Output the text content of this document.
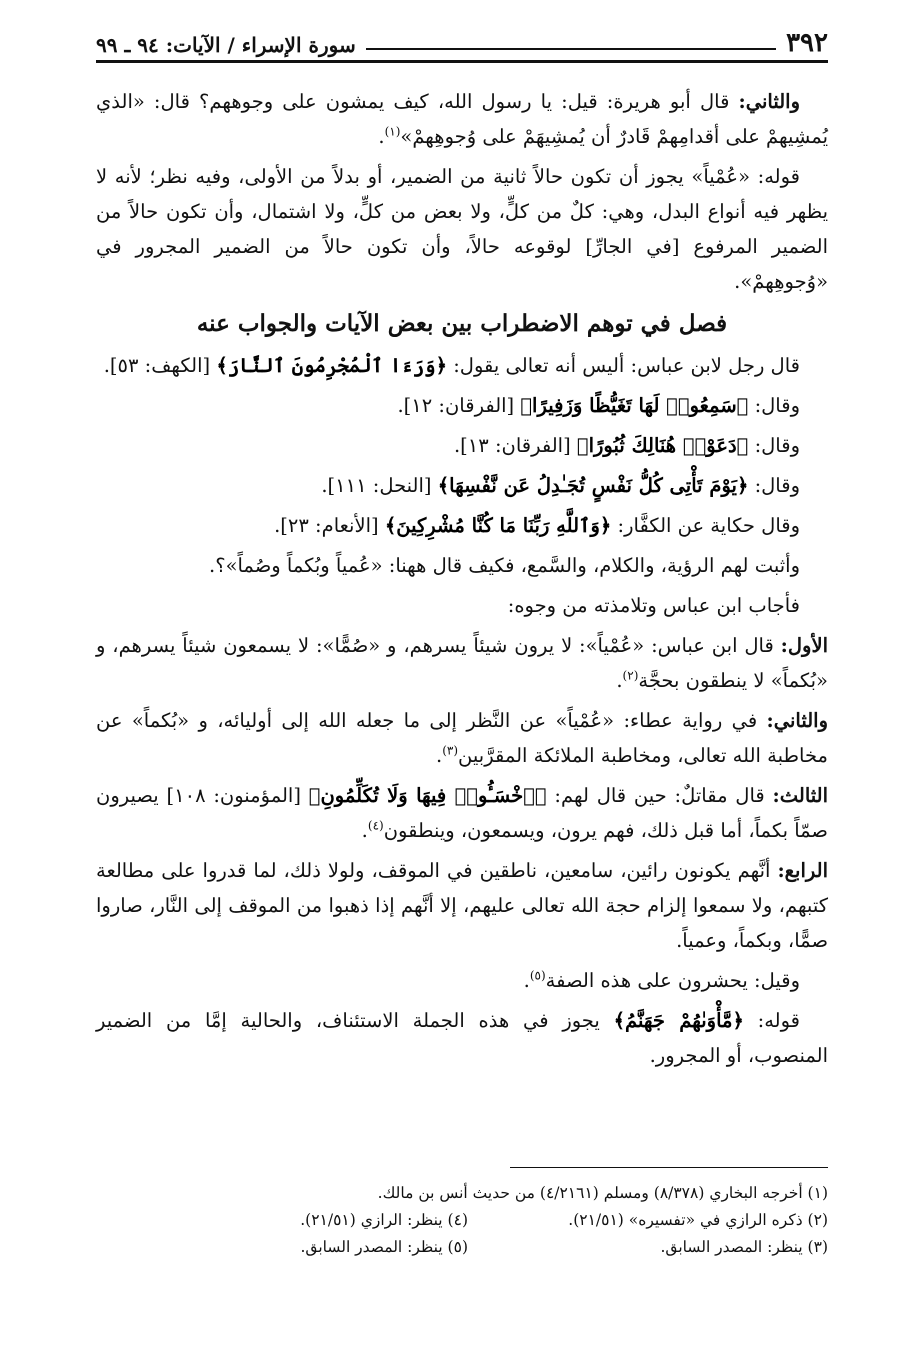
٣٩٢
سورة الإسراء / الآيات: ٩٤ ـ ٩٩

والثاني: قال أبو هريرة: قيل: يا رسول الله، كيف يمشون على وجوههم؟ قال: «الذي يُمشِيهمْ على أقدامِهمْ قَادرٌ أن يُمشِيهَمْ على وُجوهِهمْ»$^{(١)}$.

قوله: «عُمْياً» يجوز أن تكون حالاً ثانية من الضمير، أو بدلاً من الأولى، وفيه نظر؛ لأنه لا يظهر فيه أنواع البدل، وهي: كلٌ من كلٍّ، ولا بعض من كلٍّ، ولا اشتمال، وأن تكون حالاً من الضمير المرفوع [في الجارِّ] لوقوعه حالاً، وأن تكون حالاً من الضمير المجرور في «وُجوهِهمْ».

فصل في توهم الاضطراب بين بعض الآيات والجواب عنه

قال رجل لابن عباس: أليس أنه تعالى يقول: ﴿وَرَءَا ٱلْمُجْرِمُونَ ٱلنَّارَ﴾ [الكهف: ٥٣].

وقال: ﴿سَمِعُوا۟ لَهَا تَغَيُّظًا وَزَفِيرًا﴾ [الفرقان: ١٢].

وقال: ﴿دَعَوْا۟ هُنَالِكَ ثُبُورًا﴾ [الفرقان: ١٣].

وقال: ﴿يَوْمَ تَأْتِى كُلُّ نَفْسٍ تُجَـٰدِلُ عَن نَّفْسِهَا﴾ [النحل: ١١١].

وقال حكاية عن الكفَّار: ﴿وَٱللَّهِ رَبِّنَا مَا كُنَّا مُشْرِكِينَ﴾ [الأنعام: ٢٣].

وأثبت لهم الرؤية، والكلام، والسَّمع، فكيف قال ههنا: «عُمياً وبُكماً وصُماً»؟.

فأجاب ابن عباس وتلامذته من وجوه:

الأول: قال ابن عباس: «عُمْياً»: لا يرون شيئاً يسرهم، و «صُمًّا»: لا يسمعون شيئاً يسرهم، و «بُكماً» لا ينطقون بحجَّة$^{(٢)}$.

والثاني: في رواية عطاء: «عُمْياً» عن النَّظر إلى ما جعله الله إلى أوليائه، و «بُكماً» عن مخاطبة الله تعالى، ومخاطبة الملائكة المقرَّبين$^{(٣)}$.

الثالث: قال مقاتلٌ: حين قال لهم: ﴿ٱخْسَـُٔوا۟ فِيهَا وَلَا تُكَلِّمُونِ﴾ [المؤمنون: ١٠٨] يصيرون صمّاً بكماً، أما قبل ذلك، فهم يرون، ويسمعون، وينطقون$^{(٤)}$.

الرابع: أنَّهم يكونون رائين، سامعين، ناطقين في الموقف، ولولا ذلك، لما قدروا على مطالعة كتبهم، ولا سمعوا إلزام حجة الله تعالى عليهم، إلا أنَّهم إذا ذهبوا من الموقف إلى النَّار، صاروا صمًّا، وبكماً، وعمياً.

وقيل: يحشرون على هذه الصفة$^{(٥)}$.

قوله: ﴿مَّأْوَىٰهُمْ جَهَنَّمُ﴾ يجوز في هذه الجملة الاستئناف، والحالية إمَّا من الضمير المنصوب، أو المجرور.

(١) أخرجه البخاري (٨/٣٧٨) ومسلم (٤/٢١٦١) من حديث أنس بن مالك.

(٢) ذكره الرازي في «تفسيره» (٢١/٥١).
(٤) ينظر: الرازي (٢١/٥١).
(٣) ينظر: المصدر السابق.
(٥) ينظر: المصدر السابق.
